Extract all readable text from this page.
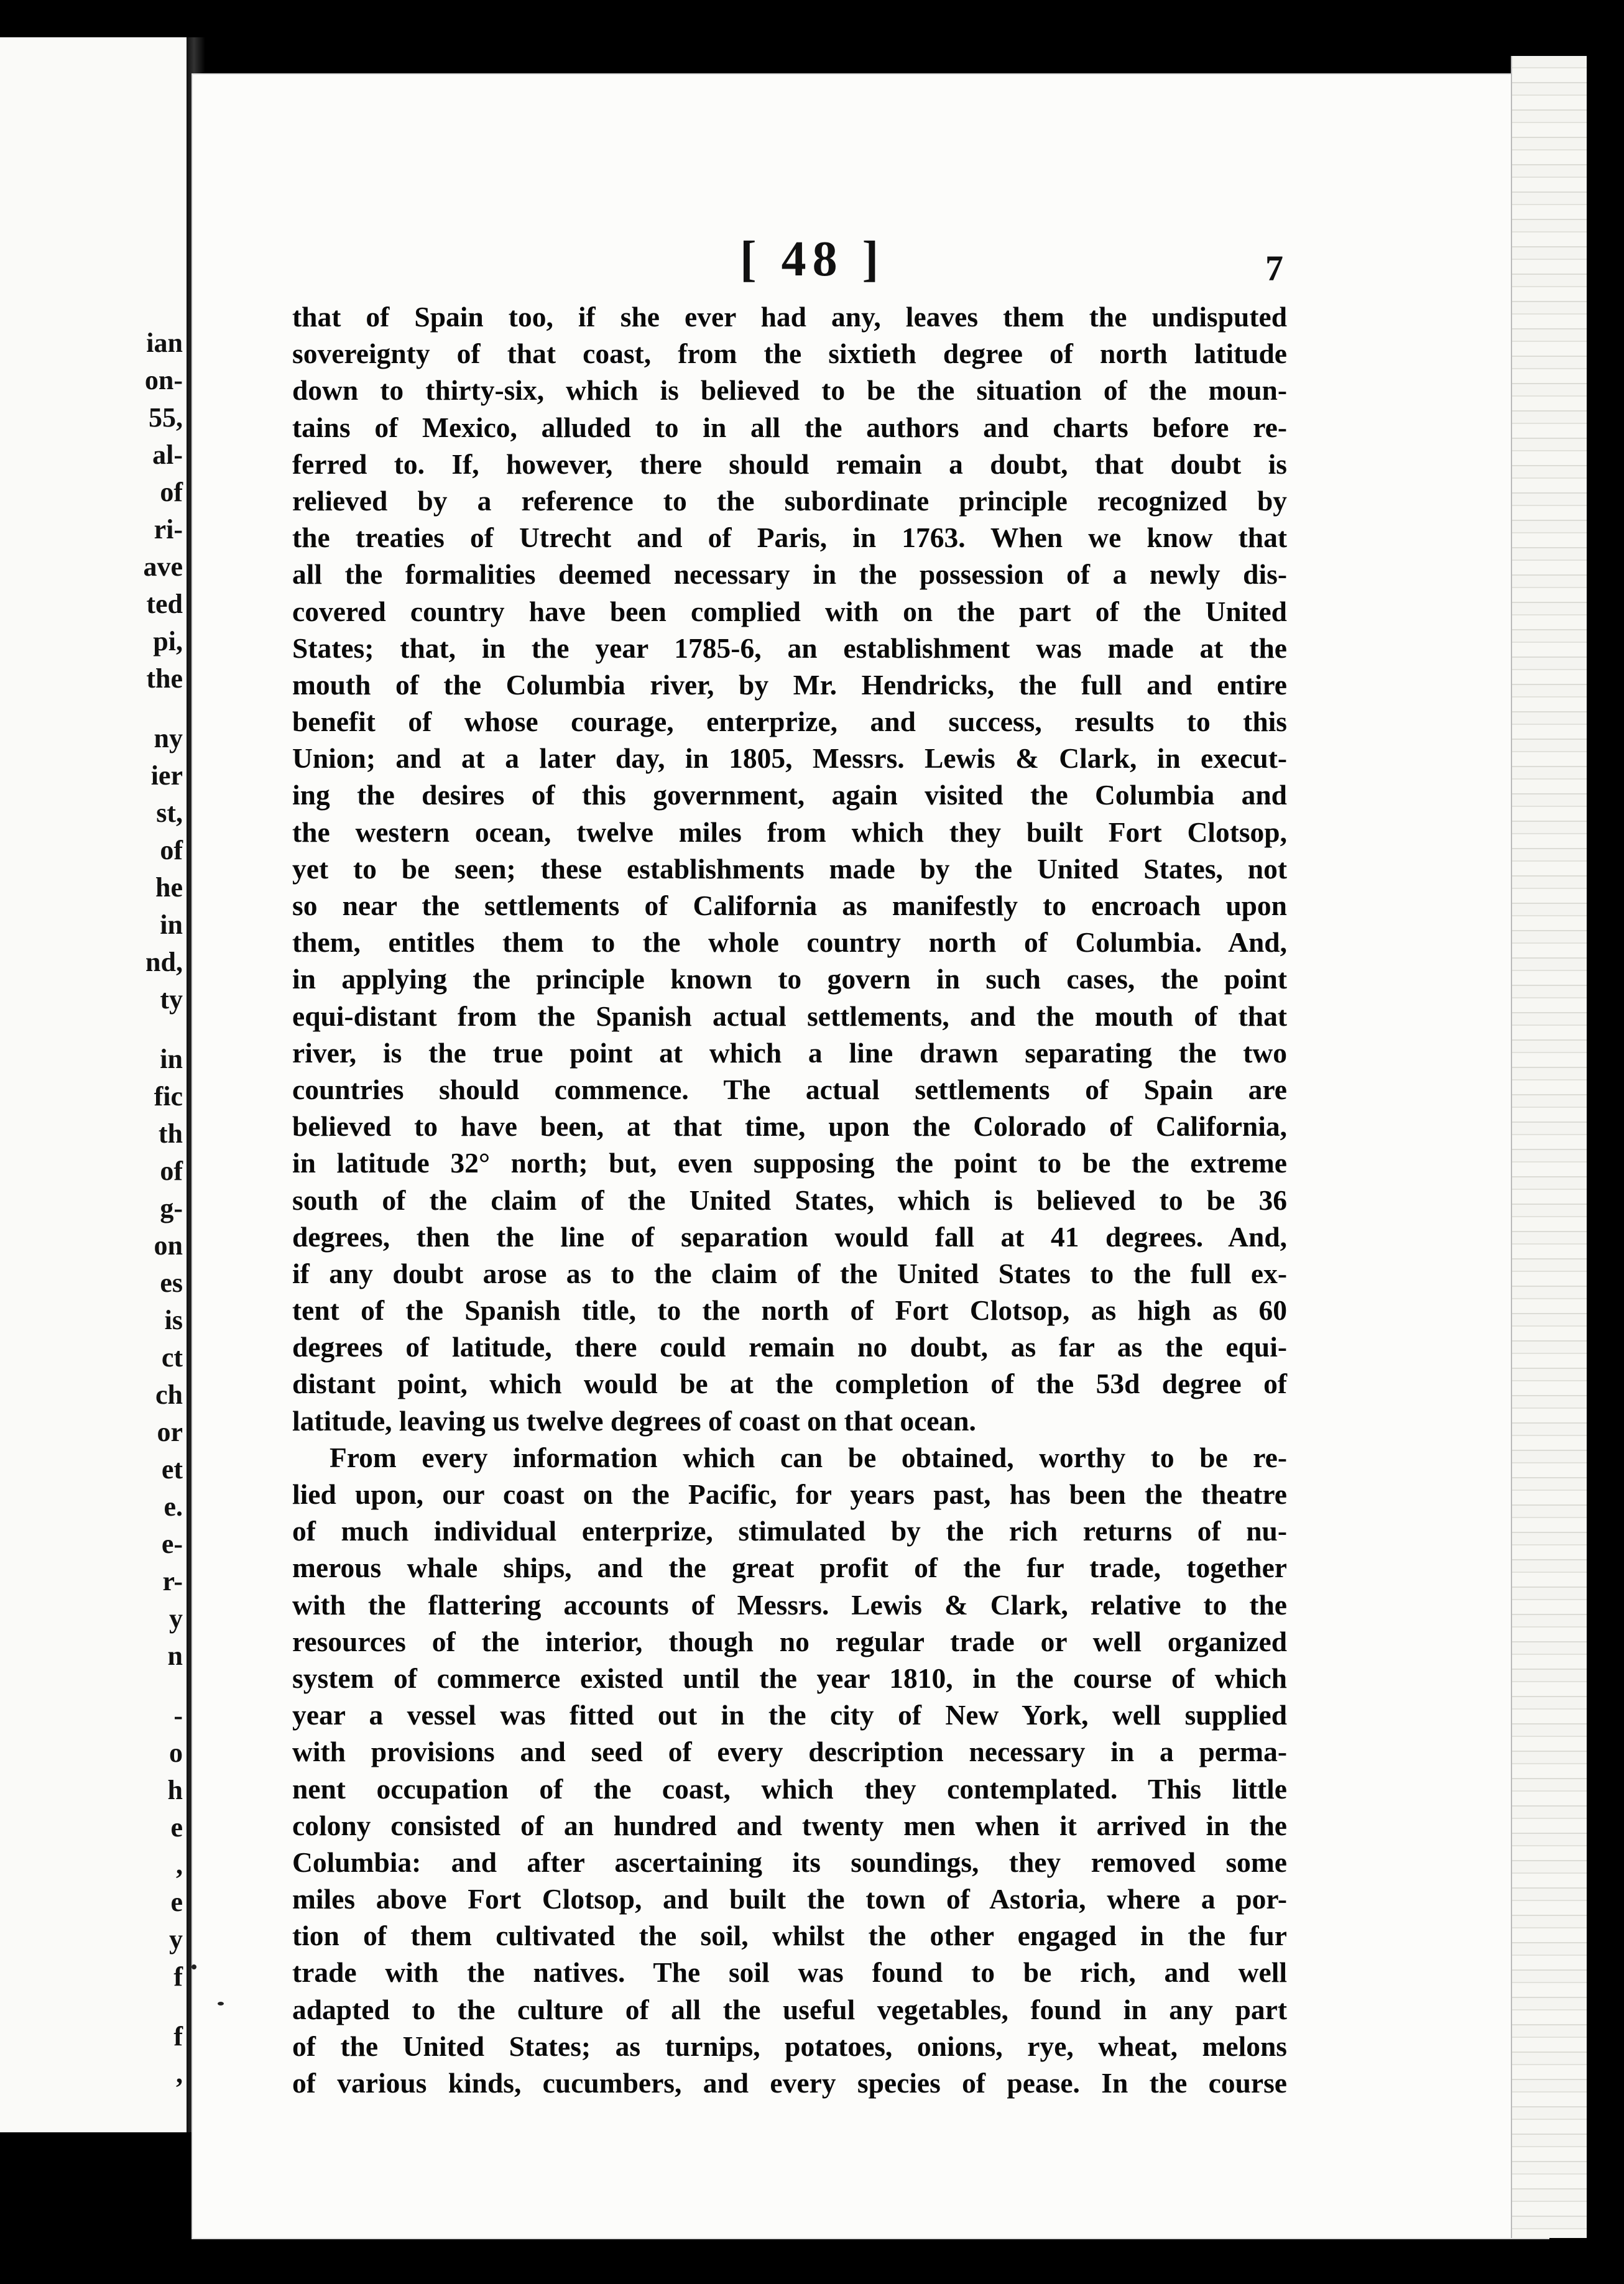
ian
on-
55,
al-
of
ri-
ave
ted
pi,
the
ny
ier
st,
of
he
in
nd,
ty
in
fic
th
of
g-
on
es
is
ct
ch
or
et
e.
e-
r-
y
n
-
o
h
e
,
e
y
f
f
,
[ 48 ]	7
that of Spain too, if she ever had any, leaves them the undisputed
sovereignty of that coast, from the sixtieth degree of north latitude
down to thirty-six, which is believed to be the situation of the moun-
tains of Mexico, alluded to in all the authors and charts before re-
ferred to. If, however, there should remain a doubt, that doubt is
relieved by a reference to the subordinate principle recognized by
the treaties of Utrecht and of Paris, in 1763. When we know that
all the formalities deemed necessary in the possession of a newly dis-
covered country have been complied with on the part of the United
States; that, in the year 1785-6, an establishment was made at the
mouth of the Columbia river, by Mr. Hendricks, the full and entire
benefit of whose courage, enterprize, and success, results to this
Union; and at a later day, in 1805, Messrs. Lewis & Clark, in execut-
ing the desires of this government, again visited the Columbia and
the western ocean, twelve miles from which they built Fort Clotsop,
yet to be seen; these establishments made by the United States, not
so near the settlements of California as manifestly to encroach upon
them, entitles them to the whole country north of Columbia. And,
in applying the principle known to govern in such cases, the point
equi-distant from the Spanish actual settlements, and the mouth of that
river, is the true point at which a line drawn separating the two
countries should commence. The actual settlements of Spain are
believed to have been, at that time, upon the Colorado of California,
in latitude 32° north; but, even supposing the point to be the extreme
south of the claim of the United States, which is believed to be 36
degrees, then the line of separation would fall at 41 degrees. And,
if any doubt arose as to the claim of the United States to the full ex-
tent of the Spanish title, to the north of Fort Clotsop, as high as 60
degrees of latitude, there could remain no doubt, as far as the equi-
distant point, which would be at the completion of the 53d degree of
latitude, leaving us twelve degrees of coast on that ocean.
From every information which can be obtained, worthy to be re-
lied upon, our coast on the Pacific, for years past, has been the theatre
of much individual enterprize, stimulated by the rich returns of nu-
merous whale ships, and the great profit of the fur trade, together
with the flattering accounts of Messrs. Lewis & Clark, relative to the
resources of the interior, though no regular trade or well organized
system of commerce existed until the year 1810, in the course of which
year a vessel was fitted out in the city of New York, well supplied
with provisions and seed of every description necessary in a perma-
nent occupation of the coast, which they contemplated. This little
colony consisted of an hundred and twenty men when it arrived in the
Columbia: and after ascertaining its soundings, they removed some
miles above Fort Clotsop, and built the town of Astoria, where a por-
tion of them cultivated the soil, whilst the other engaged in the fur
trade with the natives. The soil was found to be rich, and well
adapted to the culture of all the useful vegetables, found in any part
of the United States; as turnips, potatoes, onions, rye, wheat, melons
of various kinds, cucumbers, and every species of pease. In the course
